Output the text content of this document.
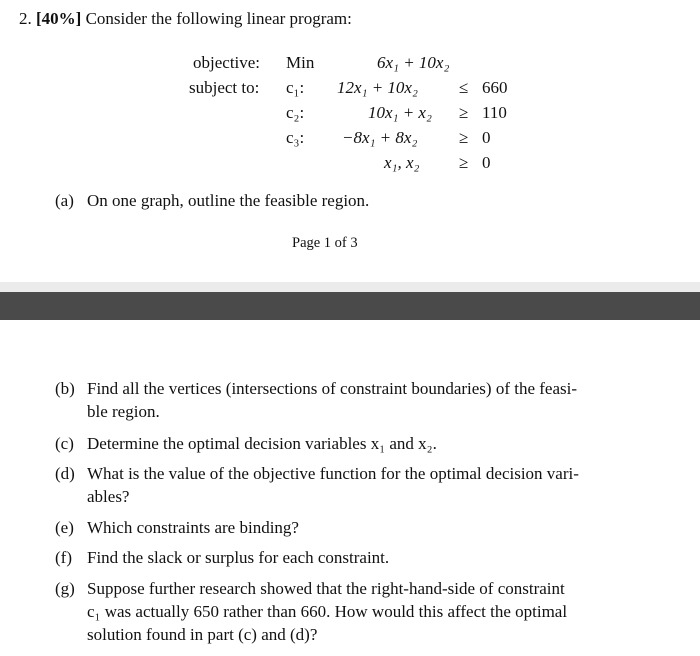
2. [40%] Consider the following linear program:
objective: Min	6x₁ + 10x₂
subject to: c₁: 12x₁ + 10x₂ ≤ 660
c₂:	10x₁ + x₂ ≥ 110
c₃: −8x₁ + 8x₂ ≥ 0
x₁, x₂ ≥ 0
(a) On one graph, outline the feasible region.
Page 1 of 3
(b) Find all the vertices (intersections of constraint boundaries) of the feasi-
ble region.
(c) Determine the optimal decision variables x₁ and x₂.
(d) What is the value of the objective function for the optimal decision vari-
ables?
(e) Which constraints are binding?
(f) Find the slack or surplus for each constraint.
(g) Suppose further research showed that the right-hand-side of constraint
c₁ was actually 650 rather than 660. How would this affect the optimal
solution found in part (c) and (d)?
